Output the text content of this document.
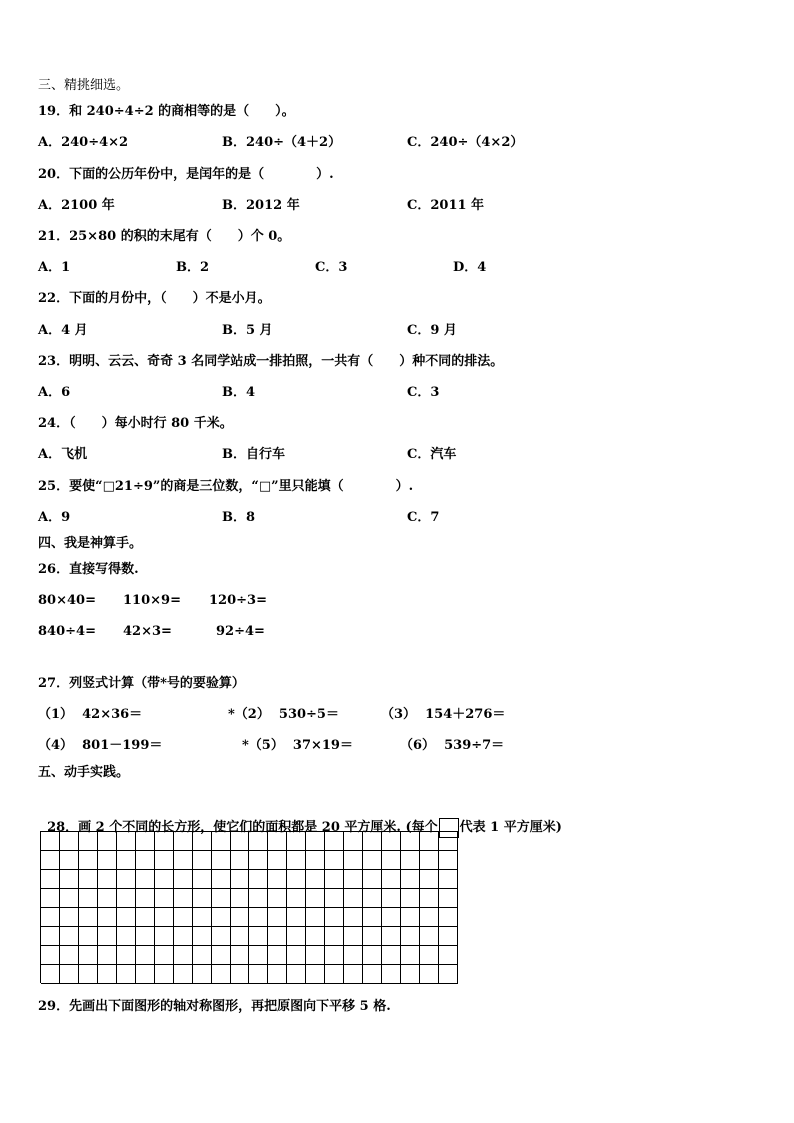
三、精挑细选。
19．和 240÷4÷2 的商相等的是（　　）。
A．240÷4×2	B．240÷（4＋2）	C．240÷（4×2）
20．下面的公历年份中，是闰年的是（　　　　）.
A．2100 年	B．2012 年	C．2011 年
21．25×80 的积的末尾有（　　）个 0。
A．1	B．2	C．3	D．4
22．下面的月份中，（　　）不是小月。
A．4 月	B．5 月	C．9 月
23．明明、云云、奇奇 3 名同学站成一排拍照，一共有（　　）种不同的排法。
A．6	B．4	C．3
24．（　　）每小时行 80 千米。
A．飞机	B．自行车	C．汽车
25．要使“□21÷9”的商是三位数，“□”里只能填（　　　　）.
A．9	B．8	C．7
四、我是神算手。
26．直接写得数.
80×40= 110×9= 120÷3=
840÷4= 42×3=	92÷4=
27．列竖式计算（带*号的要验算）
（1）  42×36＝	*（2）  530÷5＝	（3）  154＋276＝
（4）  801－199＝	*（5）  37×19＝	（6）  539÷7＝
五、动手实践。

28．画 2 个不同的长方形，使它们的面积都是 20 平方厘米. (每个 代表 1 平方厘米)

29．先画出下面图形的轴对称图形，再把原图向下平移 5 格.
